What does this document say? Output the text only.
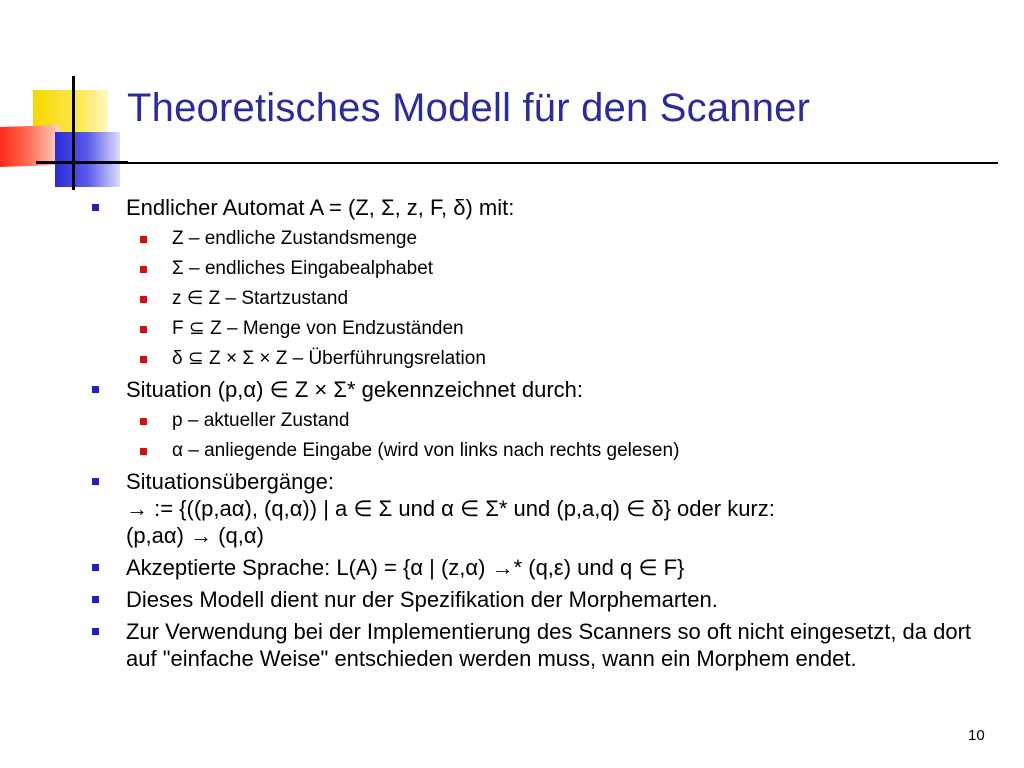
Theoretisches Modell für den Scanner
Endlicher Automat A = (Z, Σ, z, F, δ) mit:
Z – endliche Zustandsmenge
Σ – endliches Eingabealphabet
z ∈ Z – Startzustand
F ⊆ Z – Menge von Endzuständen
δ ⊆ Z × Σ × Z – Überführungsrelation
Situation (p,α) ∈ Z × Σ* gekennzeichnet durch:
p – aktueller Zustand
α – anliegende Eingabe (wird von links nach rechts gelesen)
Situationsübergänge:
→ := {((p,aα), (q,α)) | a ∈ Σ und α ∈ Σ* und (p,a,q) ∈ δ} oder kurz:
(p,aα) → (q,α)
Akzeptierte Sprache: L(A) = {α | (z,α) →* (q,ε) und q ∈ F}
Dieses Modell dient nur der Spezifikation der Morphemarten.
Zur Verwendung bei der Implementierung des Scanners so oft nicht eingesetzt, da dort auf "einfache Weise" entschieden werden muss, wann ein Morphem endet.
10
